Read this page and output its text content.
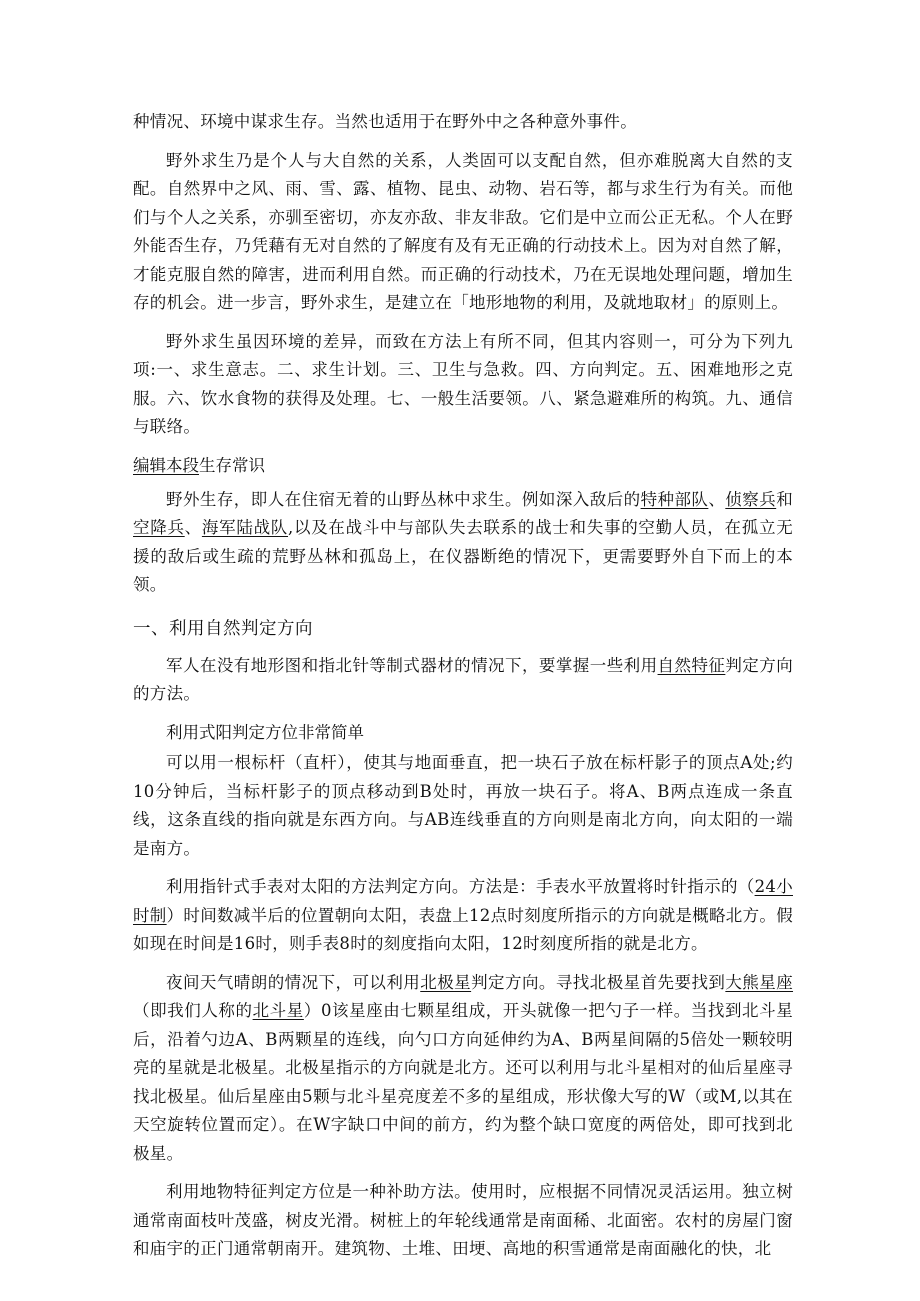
种情况、环境中谋求生存。当然也适用于在野外中之各种意外事件。

野外求生乃是个人与大自然的关系，人类固可以支配自然，但亦难脱离大自然的支配。自然界中之风、雨、雪、露、植物、昆虫、动物、岩石等，都与求生行为有关。而他们与个人之关系，亦驯至密切，亦友亦敌、非友非敌。它们是中立而公正无私。个人在野外能否生存，乃凭藉有无对自然的了解度有及有无正确的行动技术上。因为对自然了解，才能克服自然的障害，进而利用自然。而正确的行动技术，乃在无误地处理问题，增加生存的机会。进一步言，野外求生，是建立在「地形地物的利用，及就地取材」的原则上。

野外求生虽因环境的差异，而致在方法上有所不同，但其内容则一，可分为下列九项:一、求生意志。二、求生计划。三、卫生与急救。四、方向判定。五、困难地形之克服。六、饮水食物的获得及处理。七、一般生活要领。八、紧急避难所的构筑。九、通信与联络。

编辑本段生存常识

野外生存，即人在住宿无着的山野丛林中求生。例如深入敌后的特种部队、侦察兵和空降兵、海军陆战队,以及在战斗中与部队失去联系的战士和失事的空勤人员，在孤立无援的敌后或生疏的荒野丛林和孤岛上，在仪器断绝的情况下，更需要野外自下而上的本领。

一、利用自然判定方向

军人在没有地形图和指北针等制式器材的情况下，要掌握一些利用自然特征判定方向的方法。

利用式阳判定方位非常简单

可以用一根标杆（直杆），使其与地面垂直，把一块石子放在标杆影子的顶点A处;约10分钟后，当标杆影子的顶点移动到B处时，再放一块石子。将A、B两点连成一条直线，这条直线的指向就是东西方向。与AB连线垂直的方向则是南北方向，向太阳的一端是南方。

利用指针式手表对太阳的方法判定方向。方法是：手表水平放置将时针指示的（24小时制）时间数减半后的位置朝向太阳，表盘上12点时刻度所指示的方向就是概略北方。假如现在时间是16时，则手表8时的刻度指向太阳，12时刻度所指的就是北方。

夜间天气晴朗的情况下，可以利用北极星判定方向。寻找北极星首先要找到大熊星座（即我们人称的北斗星）0该星座由七颗星组成，开头就像一把勺子一样。当找到北斗星后，沿着勺边A、B两颗星的连线，向勺口方向延伸约为A、B两星间隔的5倍处一颗较明亮的星就是北极星。北极星指示的方向就是北方。还可以利用与北斗星相对的仙后星座寻找北极星。仙后星座由5颗与北斗星亮度差不多的星组成，形状像大写的W（或M,以其在天空旋转位置而定）。在W字缺口中间的前方，约为整个缺口宽度的两倍处，即可找到北极星。

利用地物特征判定方位是一种补助方法。使用时，应根据不同情况灵活运用。独立树通常南面枝叶茂盛，树皮光滑。树桩上的年轮线通常是南面稀、北面密。农村的房屋门窗和庙宇的正门通常朝南开。建筑物、土堆、田埂、高地的积雪通常是南面融化的快，北
